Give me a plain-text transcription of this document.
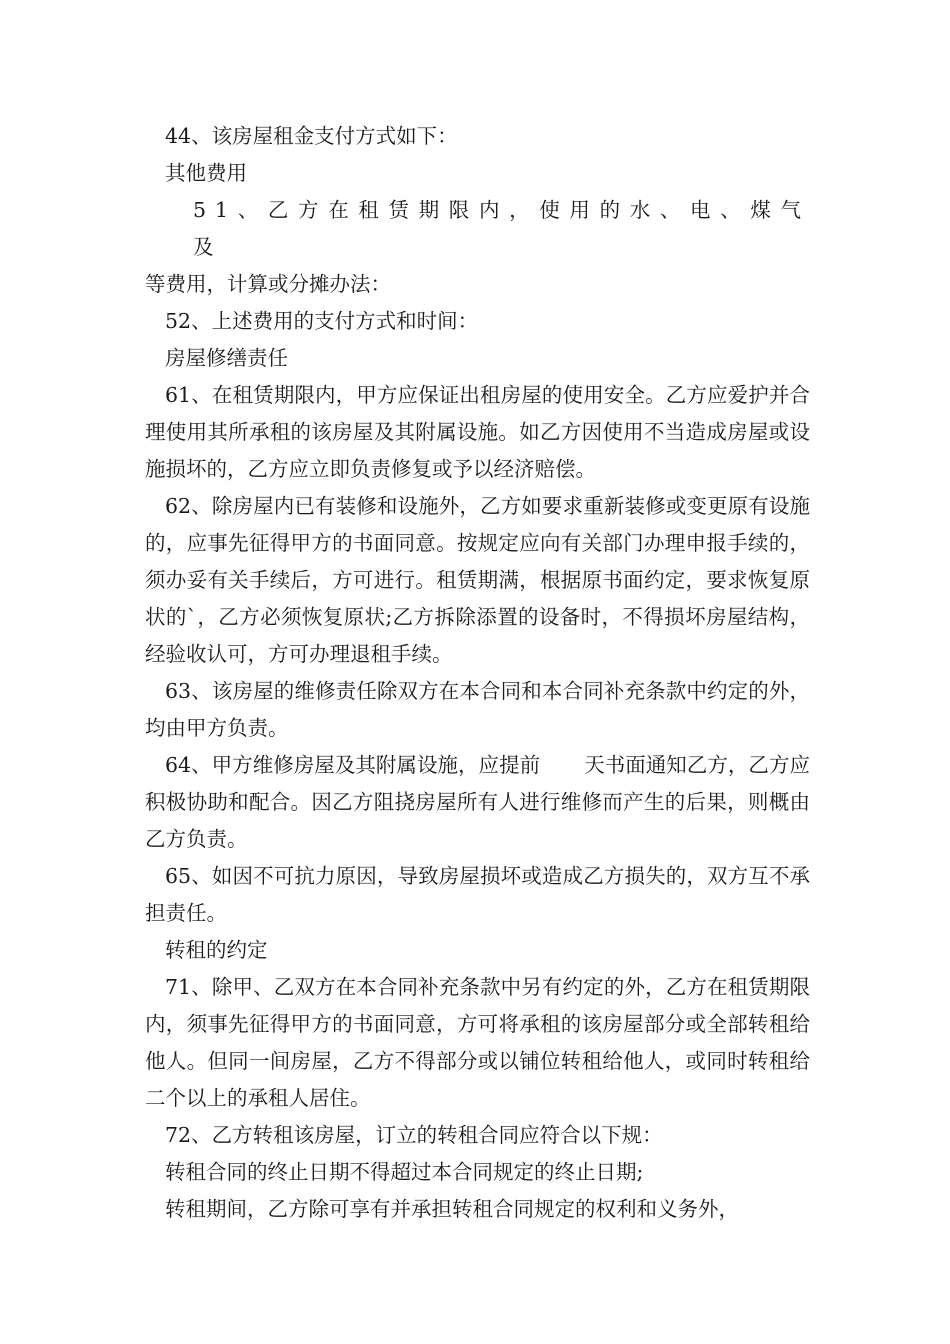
44、该房屋租金支付方式如下：

其他费用

51、乙方在租赁期限内，使用的水、电、煤气及

等费用，计算或分摊办法：

52、上述费用的支付方式和时间：

房屋修缮责任

61、在租赁期限内，甲方应保证出租房屋的使用安全。乙方应爱护并合理使用其所承租的该房屋及其附属设施。如乙方因使用不当造成房屋或设施损坏的，乙方应立即负责修复或予以经济赔偿。

62、除房屋内已有装修和设施外，乙方如要求重新装修或变更原有设施的，应事先征得甲方的书面同意。按规定应向有关部门办理申报手续的，须办妥有关手续后，方可进行。租赁期满，根据原书面约定，要求恢复原状的`，乙方必须恢复原状;乙方拆除添置的设备时，不得损坏房屋结构，经验收认可，方可办理退租手续。

63、该房屋的维修责任除双方在本合同和本合同补充条款中约定的外，均由甲方负责。

64、甲方维修房屋及其附属设施，应提前 天书面通知乙方，乙方应积极协助和配合。因乙方阻挠房屋所有人进行维修而产生的后果，则概由乙方负责。

65、如因不可抗力原因，导致房屋损坏或造成乙方损失的，双方互不承担责任。

转租的约定

71、除甲、乙双方在本合同补充条款中另有约定的外，乙方在租赁期限内，须事先征得甲方的书面同意，方可将承租的该房屋部分或全部转租给他人。但同一间房屋，乙方不得部分或以铺位转租给他人，或同时转租给二个以上的承租人居住。

72、乙方转租该房屋，订立的转租合同应符合以下规：

转租合同的终止日期不得超过本合同规定的终止日期;

转租期间，乙方除可享有并承担转租合同规定的权利和义务外，
